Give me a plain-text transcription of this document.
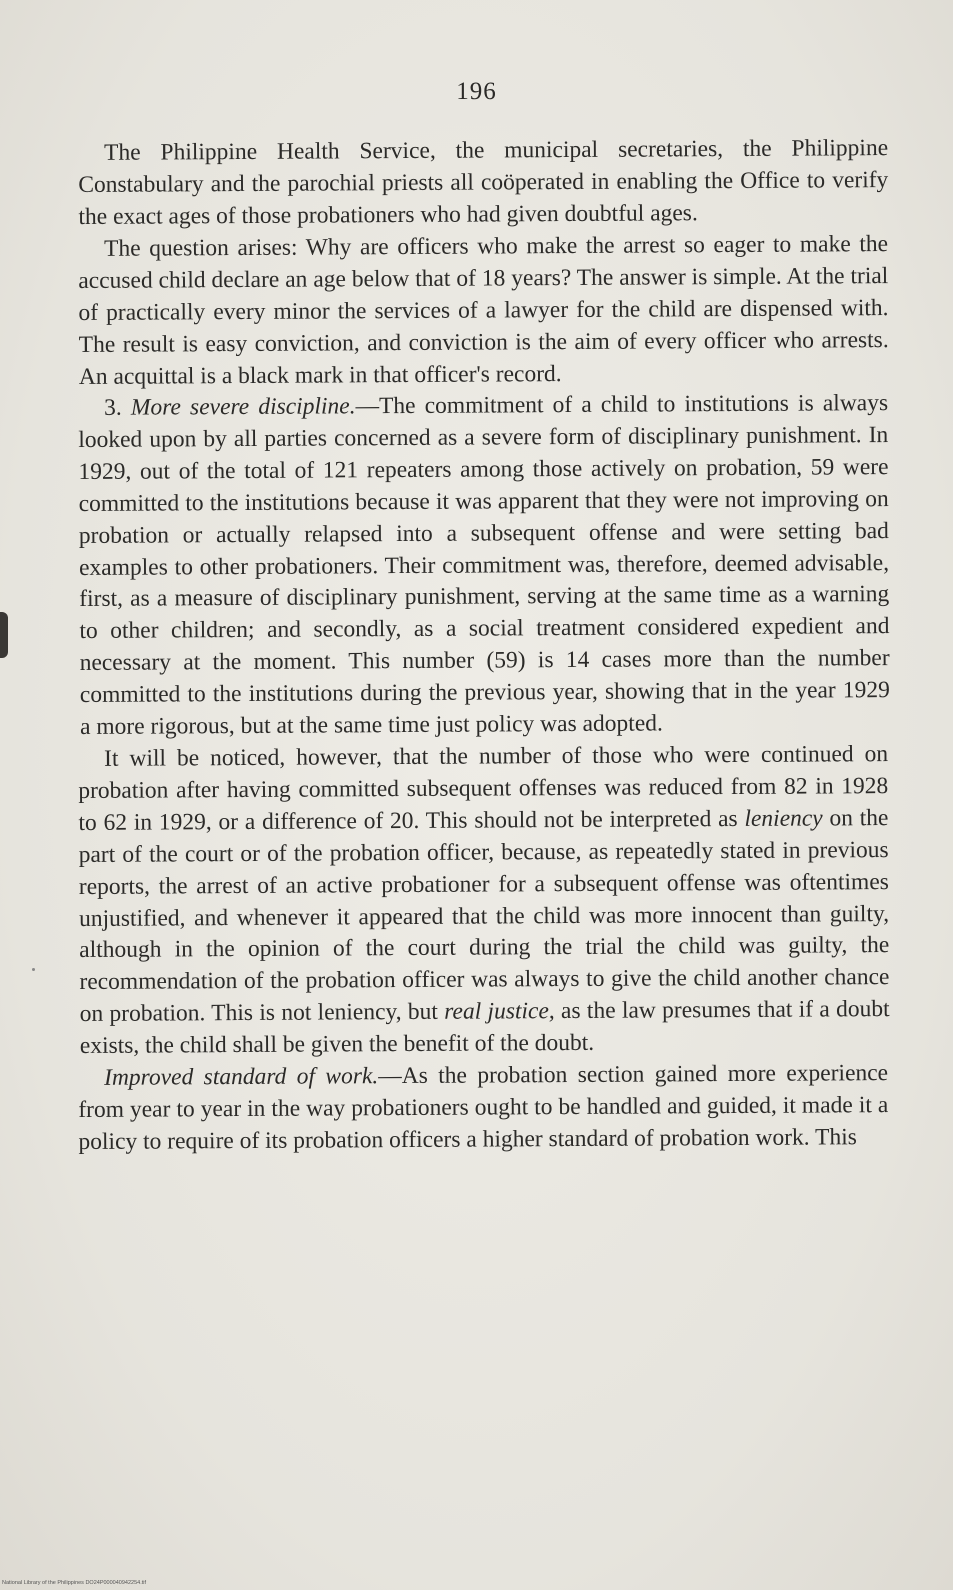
196

The Philippine Health Service, the municipal secretaries, the Philippine Constabulary and the parochial priests all coöperated in enabling the Office to verify the exact ages of those probationers who had given doubtful ages.

The question arises: Why are officers who make the arrest so eager to make the accused child declare an age below that of 18 years? The answer is simple. At the trial of practically every minor the services of a lawyer for the child are dispensed with. The result is easy conviction, and conviction is the aim of every officer who arrests. An acquittal is a black mark in that officer's record.

3. More severe discipline.—The commitment of a child to institutions is always looked upon by all parties concerned as a severe form of disciplinary punishment. In 1929, out of the total of 121 repeaters among those actively on probation, 59 were committed to the institutions because it was apparent that they were not improving on probation or actually relapsed into a subsequent offense and were setting bad examples to other probationers. Their commitment was, therefore, deemed advisable, first, as a measure of disciplinary punishment, serving at the same time as a warning to other children; and secondly, as a social treatment considered expedient and necessary at the moment. This number (59) is 14 cases more than the number committed to the institutions during the previous year, showing that in the year 1929 a more rigorous, but at the same time just policy was adopted.

It will be noticed, however, that the number of those who were continued on probation after having committed subsequent offenses was reduced from 82 in 1928 to 62 in 1929, or a difference of 20. This should not be interpreted as leniency on the part of the court or of the probation officer, because, as repeatedly stated in previous reports, the arrest of an active probationer for a subsequent offense was oftentimes unjustified, and whenever it appeared that the child was more innocent than guilty, although in the opinion of the court during the trial the child was guilty, the recommendation of the probation officer was always to give the child another chance on probation. This is not leniency, but real justice, as the law presumes that if a doubt exists, the child shall be given the benefit of the doubt.

Improved standard of work.—As the probation section gained more experience from year to year in the way probationers ought to be handled and guided, it made it a policy to require of its probation officers a higher standard of probation work. This

National Library of the Philippines DO24P000040942254.tif
